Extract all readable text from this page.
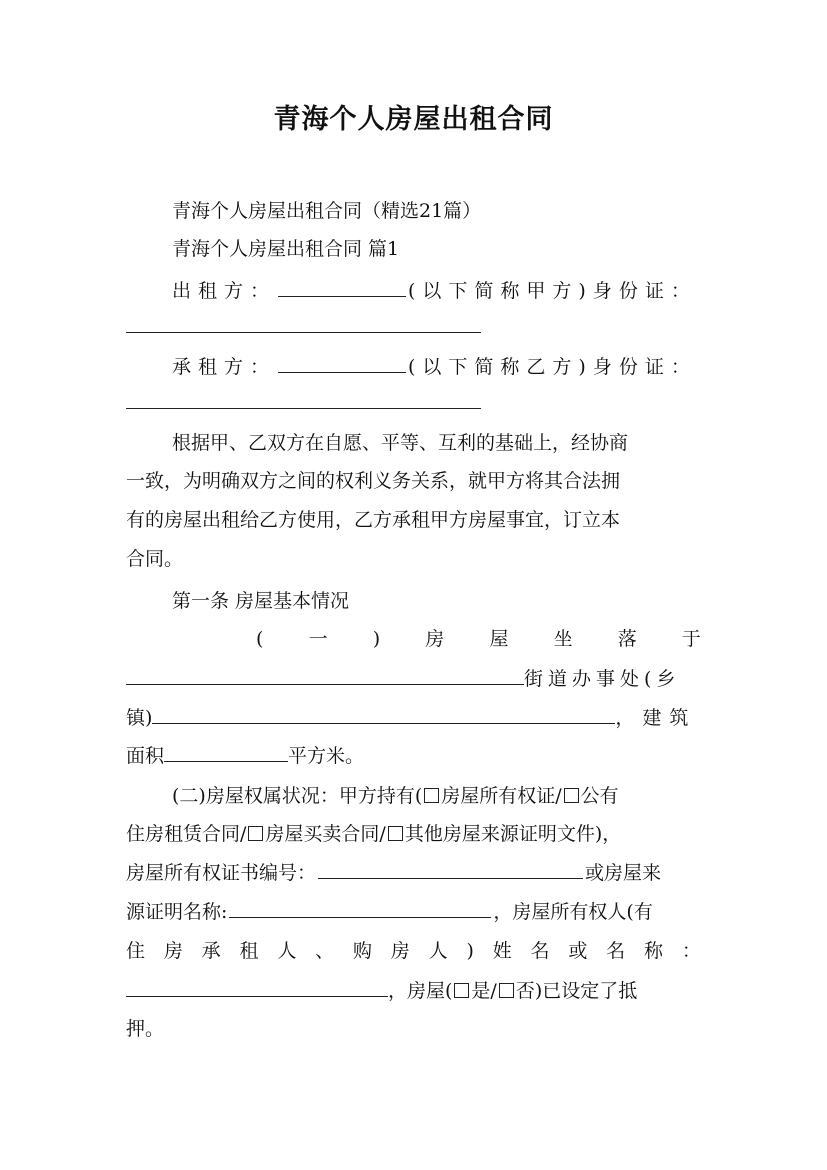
青海个人房屋出租合同
青海个人房屋出租合同（精选21篇）
青海个人房屋出租合同 篇1
出租方：	(以下简称甲方)身份证：
承租方：	(以下简称乙方)身份证：
根据甲、乙双方在自愿、平等、互利的基础上，经协商
一致，为明确双方之间的权利义务关系，就甲方将其合法拥
有的房屋出租给乙方使用，乙方承租甲方房屋事宜，订立本
合同。
第一条 房屋基本情况
( 一 ) 房 屋 坐 落 于
街道办事处(乡
镇)	，建筑
面积	平方米。
(二)房屋权属状况：甲方持有( 房屋所有权证/ 公有
住房租赁合同/ 房屋买卖合同/ 其他房屋来源证明文件)，
房屋所有权证书编号：	或房屋来
源证明名称:	，房屋所有权人(有
住 房 承 租 人 、 购 房 人 ) 姓 名 或 名 称 ：
，房屋( 是/ 否)已设定了抵
押。
